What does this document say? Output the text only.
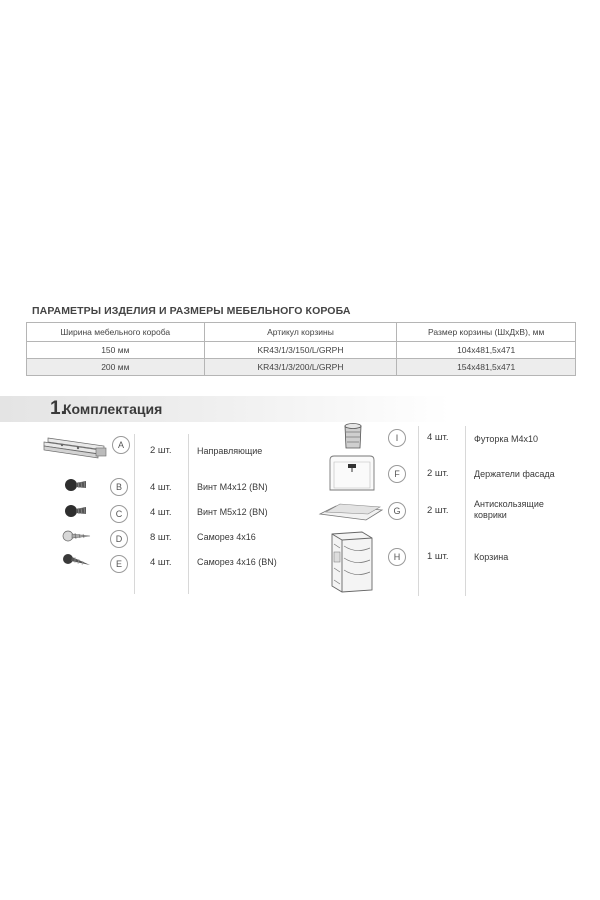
ПАРАМЕТРЫ ИЗДЕЛИЯ И РАЗМЕРЫ МЕБЕЛЬНОГО КОРОБА
Ширина мебельного короба	Артикул корзины	Размер корзины (ШхДхВ), мм
150 мм	KR43/1/3/150/L/GRPH	104x481,5x471
200 мм	KR43/1/3/200/L/GRPH	154x481,5x471
1.
Комплектация
A	2 шт.	Направляющие
B	4 шт.	Винт М4х12 (BN)
C	4 шт.	Винт М5х12 (BN)
D	8 шт.	Саморез 4х16
E	4 шт.	Саморез 4х16 (BN)
I	4 шт.	Футорка М4х10
F	2 шт.	Держатели фасада
G	2 шт.
Антискользящие коврики
H	1 шт.	Корзина
